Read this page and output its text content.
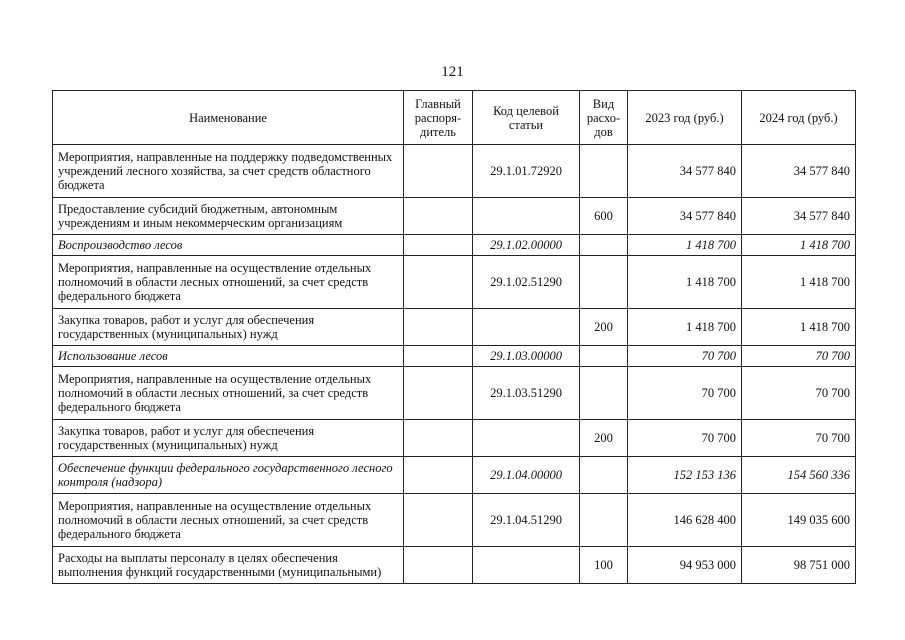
121
Наименование	Главный распоря-дитель	Код целевой статьи	Вид расхо-дов	2023 год (руб.)	2024 год (руб.)
Мероприятия, направленные на поддержку подведомственных учреждений лесного хозяйства, за счет средств областного бюджета		29.1.01.72920		34 577 840	34 577 840
Предоставление субсидий бюджетным, автономным учреждениям и иным некоммерческим организациям			600	34 577 840	34 577 840
Воспроизводство лесов		29.1.02.00000		1 418 700	1 418 700
Мероприятия, направленные на осуществление отдельных полномочий в области лесных отношений, за счет средств федерального бюджета		29.1.02.51290		1 418 700	1 418 700
Закупка товаров, работ и услуг для обеспечения государственных (муниципальных) нужд			200	1 418 700	1 418 700
Использование лесов		29.1.03.00000		70 700	70 700
Мероприятия, направленные на осуществление отдельных полномочий в области лесных отношений, за счет средств федерального бюджета		29.1.03.51290		70 700	70 700
Закупка товаров, работ и услуг для обеспечения государственных (муниципальных) нужд			200	70 700	70 700
Обеспечение функции федерального государственного лесного контроля (надзора)		29.1.04.00000		152 153 136	154 560 336
Мероприятия, направленные на осуществление отдельных полномочий в области лесных отношений, за счет средств федерального бюджета		29.1.04.51290		146 628 400	149 035 600
Расходы на выплаты персоналу в целях обеспечения выполнения функций государственными (муниципальными)			100	94 953 000	98 751 000
